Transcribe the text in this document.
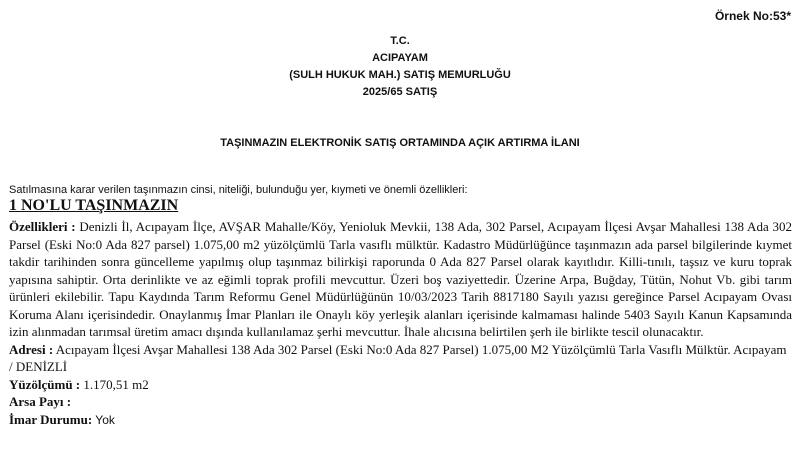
Örnek No:53*
T.C.
ACIPAYAM
(SULH HUKUK MAH.) SATIŞ MEMURLUĞU
2025/65 SATIŞ
TAŞINMAZIN ELEKTRONİK SATIŞ ORTAMINDA AÇIK ARTIRMA İLANI
Satılmasına karar verilen taşınmazın cinsi, niteliği, bulunduğu yer, kıymeti ve önemli özellikleri:
1 NO'LU TAŞINMAZIN

Özellikleri : Denizli İl, Acıpayam İlçe, AVŞAR Mahalle/Köy, Yenioluk Mevkii, 138 Ada, 302 Parsel, Acıpayam İlçesi Avşar Mahallesi 138 Ada 302 Parsel (Eski No:0 Ada 827 parsel) 1.075,00 m2 yüzölçümlü Tarla vasıflı mülktür. Kadastro Müdürlüğünce taşınmazın ada parsel bilgilerinde kıymet takdir tarihinden sonra güncelleme yapılmış olup taşınmaz bilirkişi raporunda 0 Ada 827 Parsel olarak kayıtlıdır. Killi-tınılı, taşsız ve kuru toprak yapısına sahiptir. Orta derinlikte ve az eğimli toprak profili mevcuttur. Üzeri boş vaziyettedir. Üzerine Arpa, Buğday, Tütün, Nohut Vb. gibi tarım ürünleri ekilebilir. Tapu Kaydında Tarım Reformu Genel Müdürlüğünün 10/03/2023 Tarih 8817180 Sayılı yazısı gereğince Parsel Acıpayam Ovası Koruma Alanı içerisindedir. Onaylanmış İmar Planları ile Onaylı köy yerleşik alanları içerisinde kalmaması halinde 5403 Sayılı Kanun Kapsamında izin alınmadan tarımsal üretim amacı dışında kullanılamaz şerhi mevcuttur. İhale alıcısına belirtilen şerh ile birlikte tescil olunacaktır.

Adresi : Acıpayam İlçesi Avşar Mahallesi 138 Ada 302 Parsel (Eski No:0 Ada 827 Parsel) 1.075,00 M2 Yüzölçümlü Tarla Vasıflı Mülktür. Acıpayam / DENİZLİ

Yüzölçümü : 1.170,51 m2

Arsa Payı :

İmar Durumu: Yok
